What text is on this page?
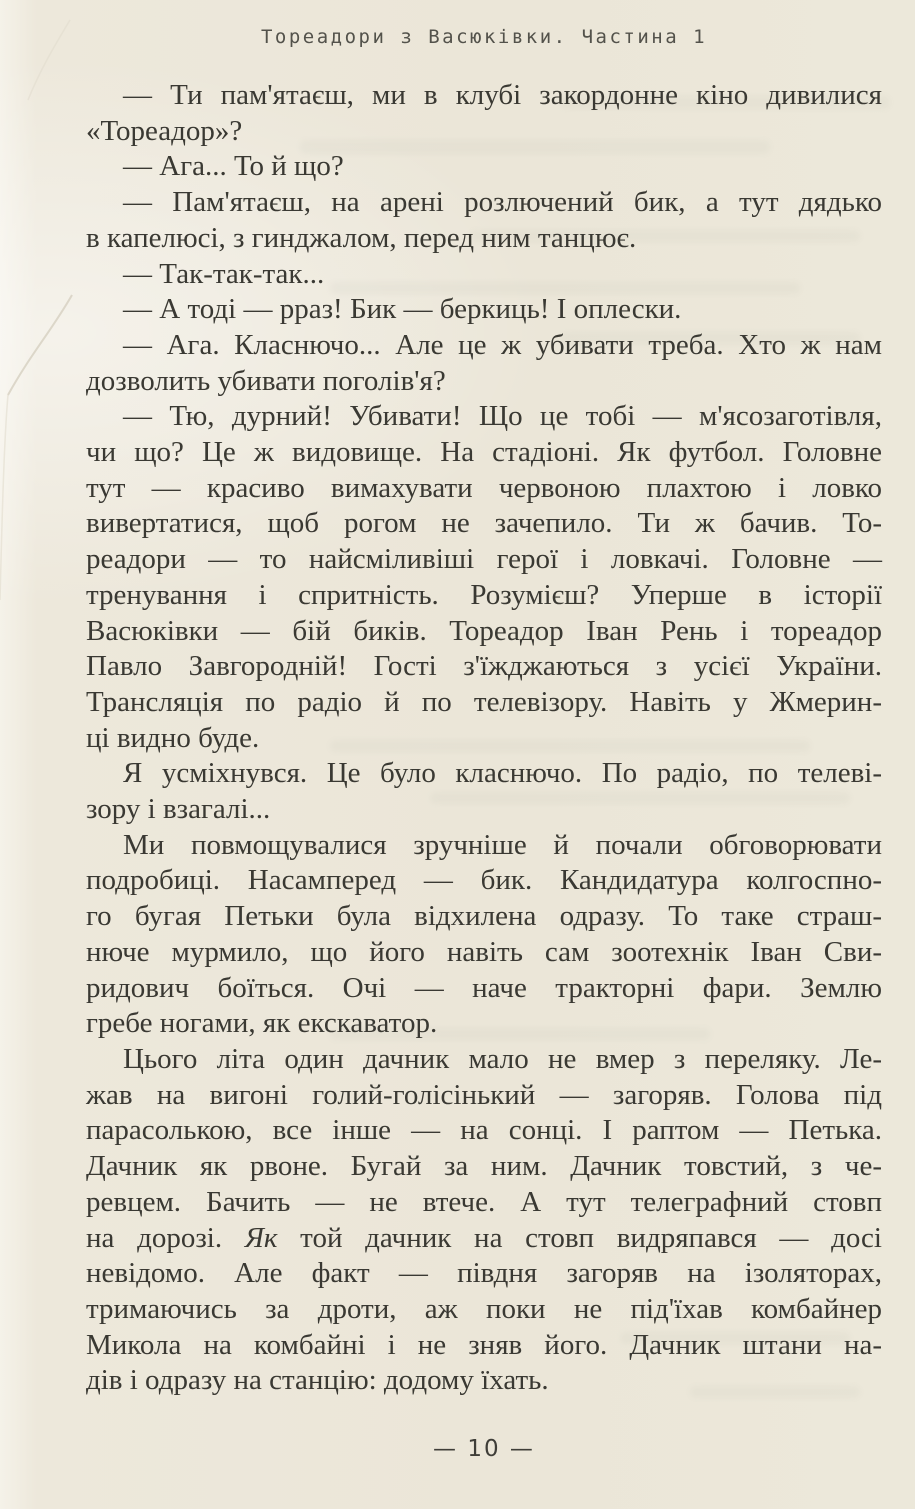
Тореадори з Васюківки. Частина 1
— Ти пам'ятаєш, ми в клубі закордонне кіно дивилися
«Тореадор»?
— Ага... То й що?
— Пам'ятаєш, на арені розлючений бик, а тут дядько
в капелюсі, з гинджалом, перед ним танцює.
— Так-так-так...
— А тоді — рраз! Бик — беркиць! І оплески.
— Ага. Класнючо... Але це ж убивати треба. Хто ж нам
дозволить убивати поголів'я?
— Тю, дурний! Убивати! Що це тобі — м'ясозаготівля,
чи що? Це ж видовище. На стадіоні. Як футбол. Головне
тут — красиво вимахувати червоною плахтою і ловко
вивертатися, щоб рогом не зачепило. Ти ж бачив. То-
реадори — то найсміливіші герої і ловкачі. Головне —
тренування і спритність. Розумієш? Уперше в історії
Васюківки — бій биків. Тореадор Іван Рень і тореадор
Павло Завгородній! Гості з'їжджаються з усієї України.
Трансляція по радіо й по телевізору. Навіть у Жмерин-
ці видно буде.
Я усміхнувся. Це було класнючо. По радіо, по телеві-
зору і взагалі...
Ми повмощувалися зручніше й почали обговорювати
подробиці. Насамперед — бик. Кандидатура колгоспно-
го бугая Петьки була відхилена одразу. То таке страш-
нюче мурмило, що його навіть сам зоотехнік Іван Сви-
ридович боїться. Очі — наче тракторні фари. Землю
гребе ногами, як екскаватор.
Цього літа один дачник мало не вмер з переляку. Ле-
жав на вигоні голий-голісінький — загоряв. Голова під
парасолькою, все інше — на сонці. І раптом — Петька.
Дачник як рвоне. Бугай за ним. Дачник товстий, з че-
ревцем. Бачить — не втече. А тут телеграфний стовп
на дорозі. Як той дачник на стовп видряпався — досі
невідомо. Але факт — півдня загоряв на ізоляторах,
тримаючись за дроти, аж поки не під'їхав комбайнер
Микола на комбайні і не зняв його. Дачник штани на-
дів і одразу на станцію: додому їхать.
— 10 —
